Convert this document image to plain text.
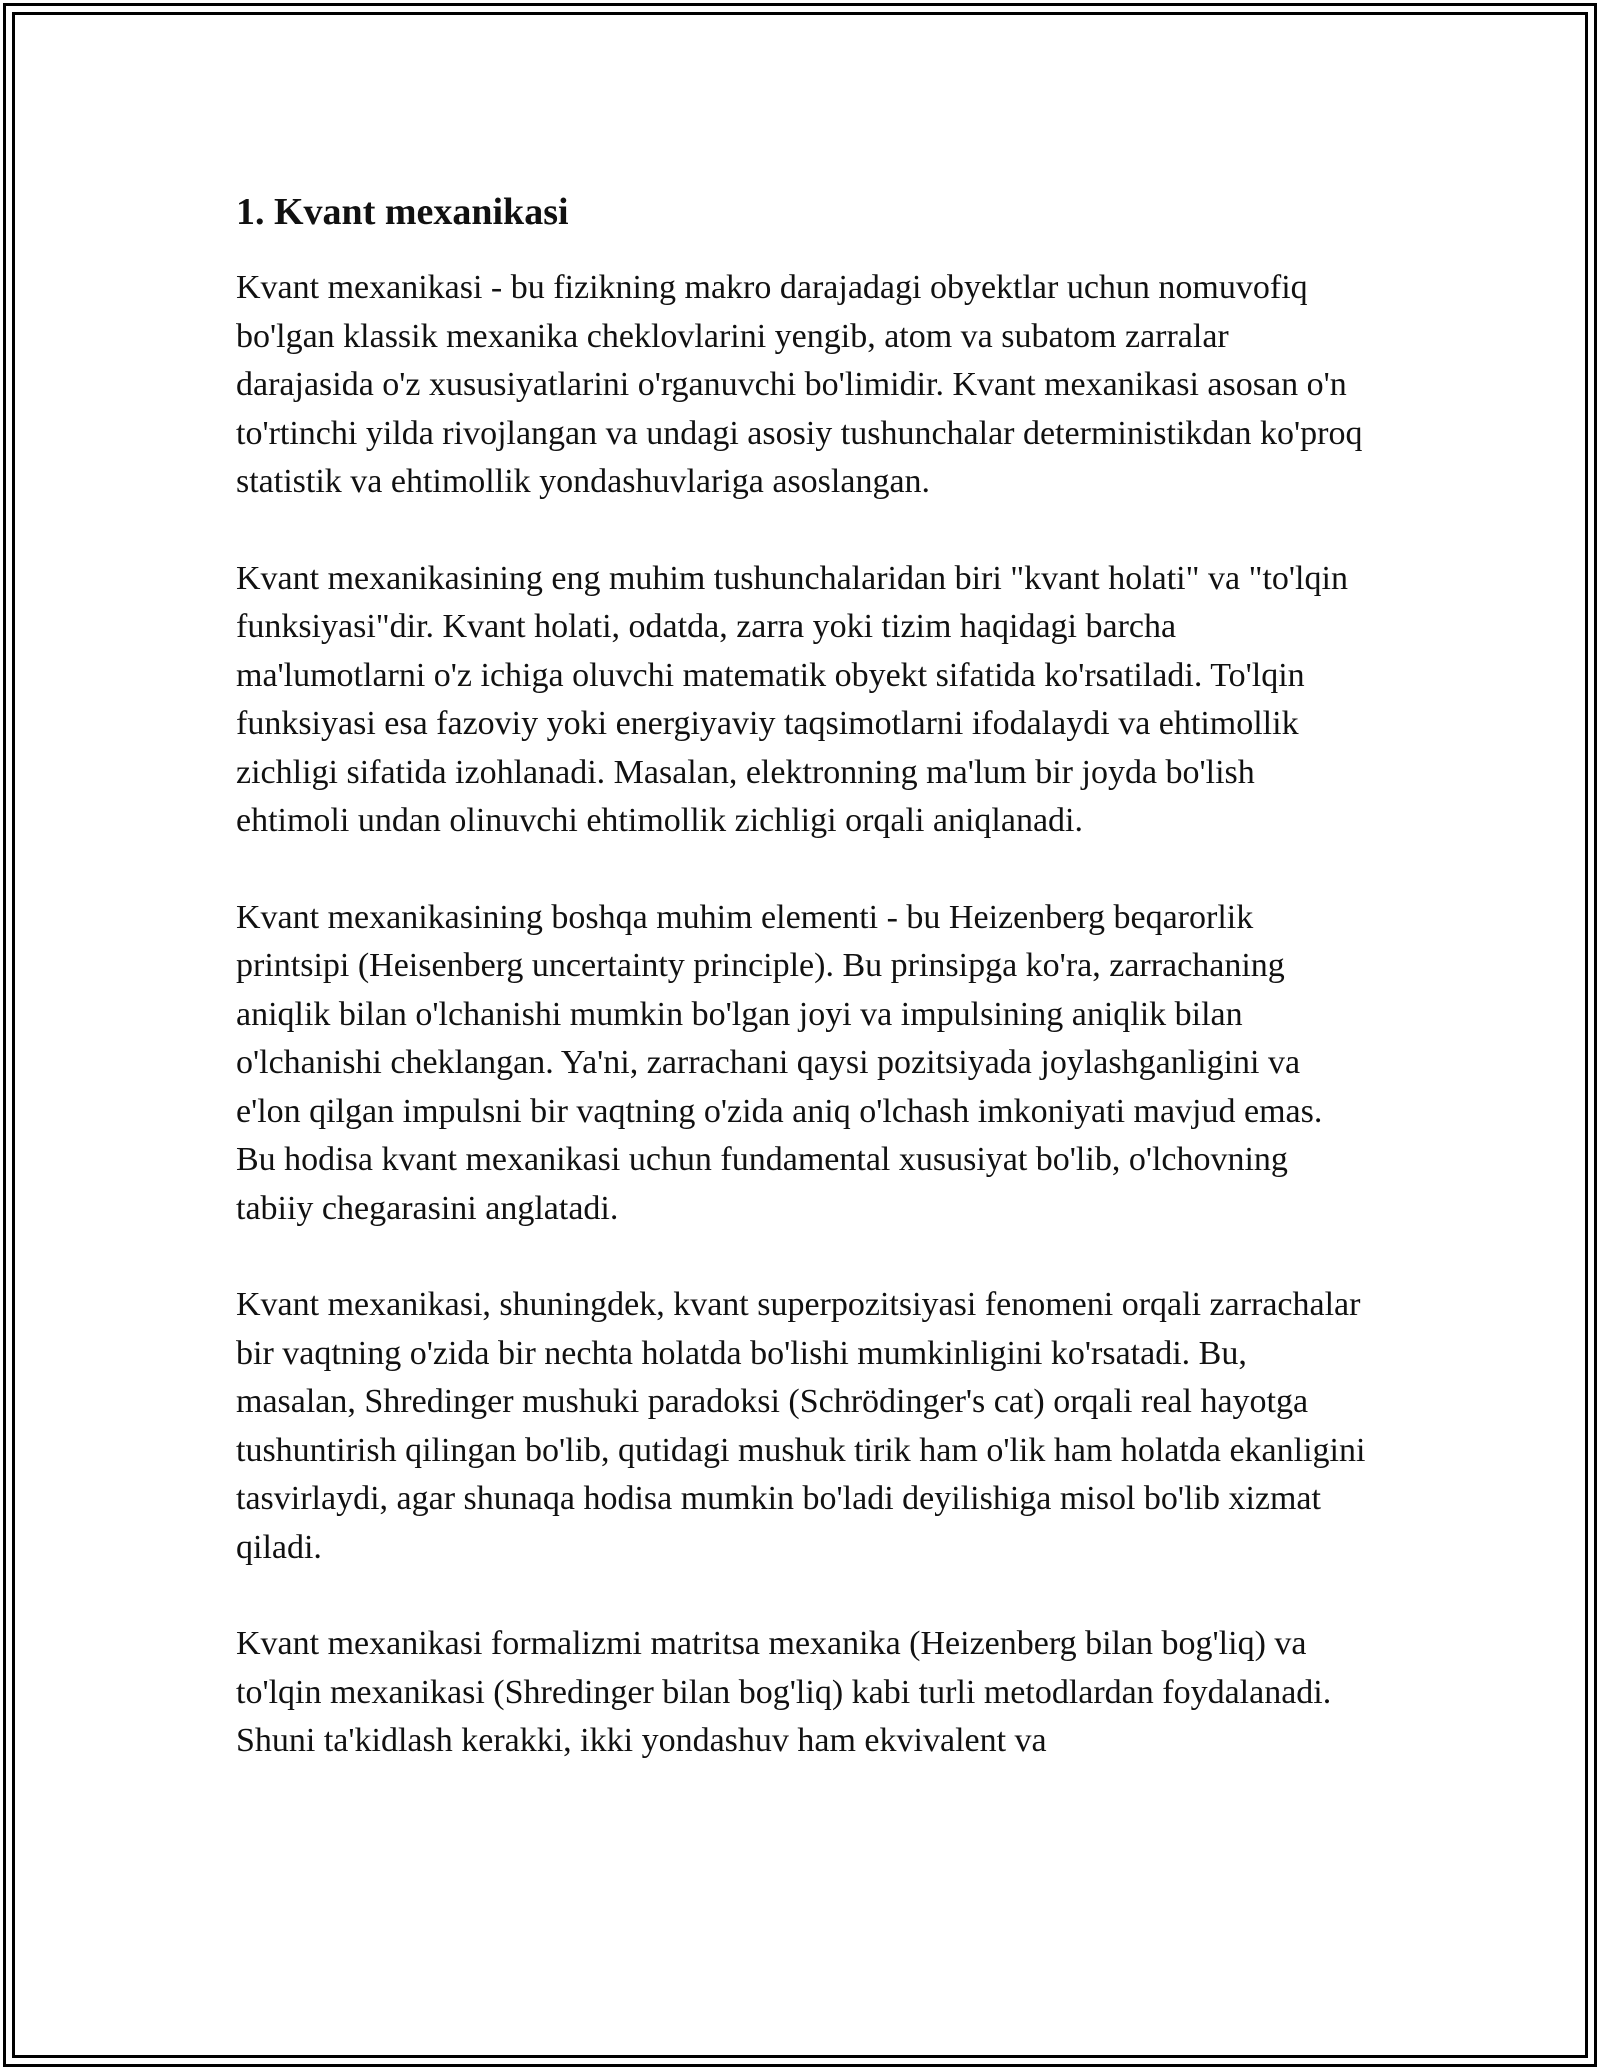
1. Kvant mexanikasi

Kvant mexanikasi - bu fizikning makro darajadagi obyektlar uchun nomuvofiq bo'lgan klassik mexanika cheklovlarini yengib, atom va subatom zarralar darajasida o'z xususiyatlarini o'rganuvchi bo'limidir. Kvant mexanikasi asosan o'n to'rtinchi yilda rivojlangan va undagi asosiy tushunchalar deterministikdan ko'proq statistik va ehtimollik yondashuvlariga asoslangan.

Kvant mexanikasining eng muhim tushunchalaridan biri "kvant holati" va "to'lqin funksiyasi"dir. Kvant holati, odatda, zarra yoki tizim haqidagi barcha ma'lumotlarni o'z ichiga oluvchi matematik obyekt sifatida ko'rsatiladi. To'lqin funksiyasi esa fazoviy yoki energiyaviy taqsimotlarni ifodalaydi va ehtimollik zichligi sifatida izohlanadi. Masalan, elektronning ma'lum bir joyda bo'lish ehtimoli undan olinuvchi ehtimollik zichligi orqali aniqlanadi.

Kvant mexanikasining boshqa muhim elementi - bu Heizenberg beqarorlik printsipi (Heisenberg uncertainty principle). Bu prinsipga ko'ra, zarrachaning aniqlik bilan o'lchanishi mumkin bo'lgan joyi va impulsining aniqlik bilan o'lchanishi cheklangan. Ya'ni, zarrachani qaysi pozitsiyada joylashganligini va e'lon qilgan impulsni bir vaqtning o'zida aniq o'lchash imkoniyati mavjud emas. Bu hodisa kvant mexanikasi uchun fundamental xususiyat bo'lib, o'lchovning tabiiy chegarasini anglatadi.

Kvant mexanikasi, shuningdek, kvant superpozitsiyasi fenomeni orqali zarrachalar bir vaqtning o'zida bir nechta holatda bo'lishi mumkinligini ko'rsatadi. Bu, masalan, Shredinger mushuki paradoksi (Schrödinger's cat) orqali real hayotga tushuntirish qilingan bo'lib, qutidagi mushuk tirik ham o'lik ham holatda ekanligini tasvirlaydi, agar shunaqa hodisa mumkin bo'ladi deyilishiga misol bo'lib xizmat qiladi.

Kvant mexanikasi formalizmi matritsa mexanika (Heizenberg bilan bog'liq) va to'lqin mexanikasi (Shredinger bilan bog'liq) kabi turli metodlardan foydalanadi. Shuni ta'kidlash kerakki, ikki yondashuv ham ekvivalent va
